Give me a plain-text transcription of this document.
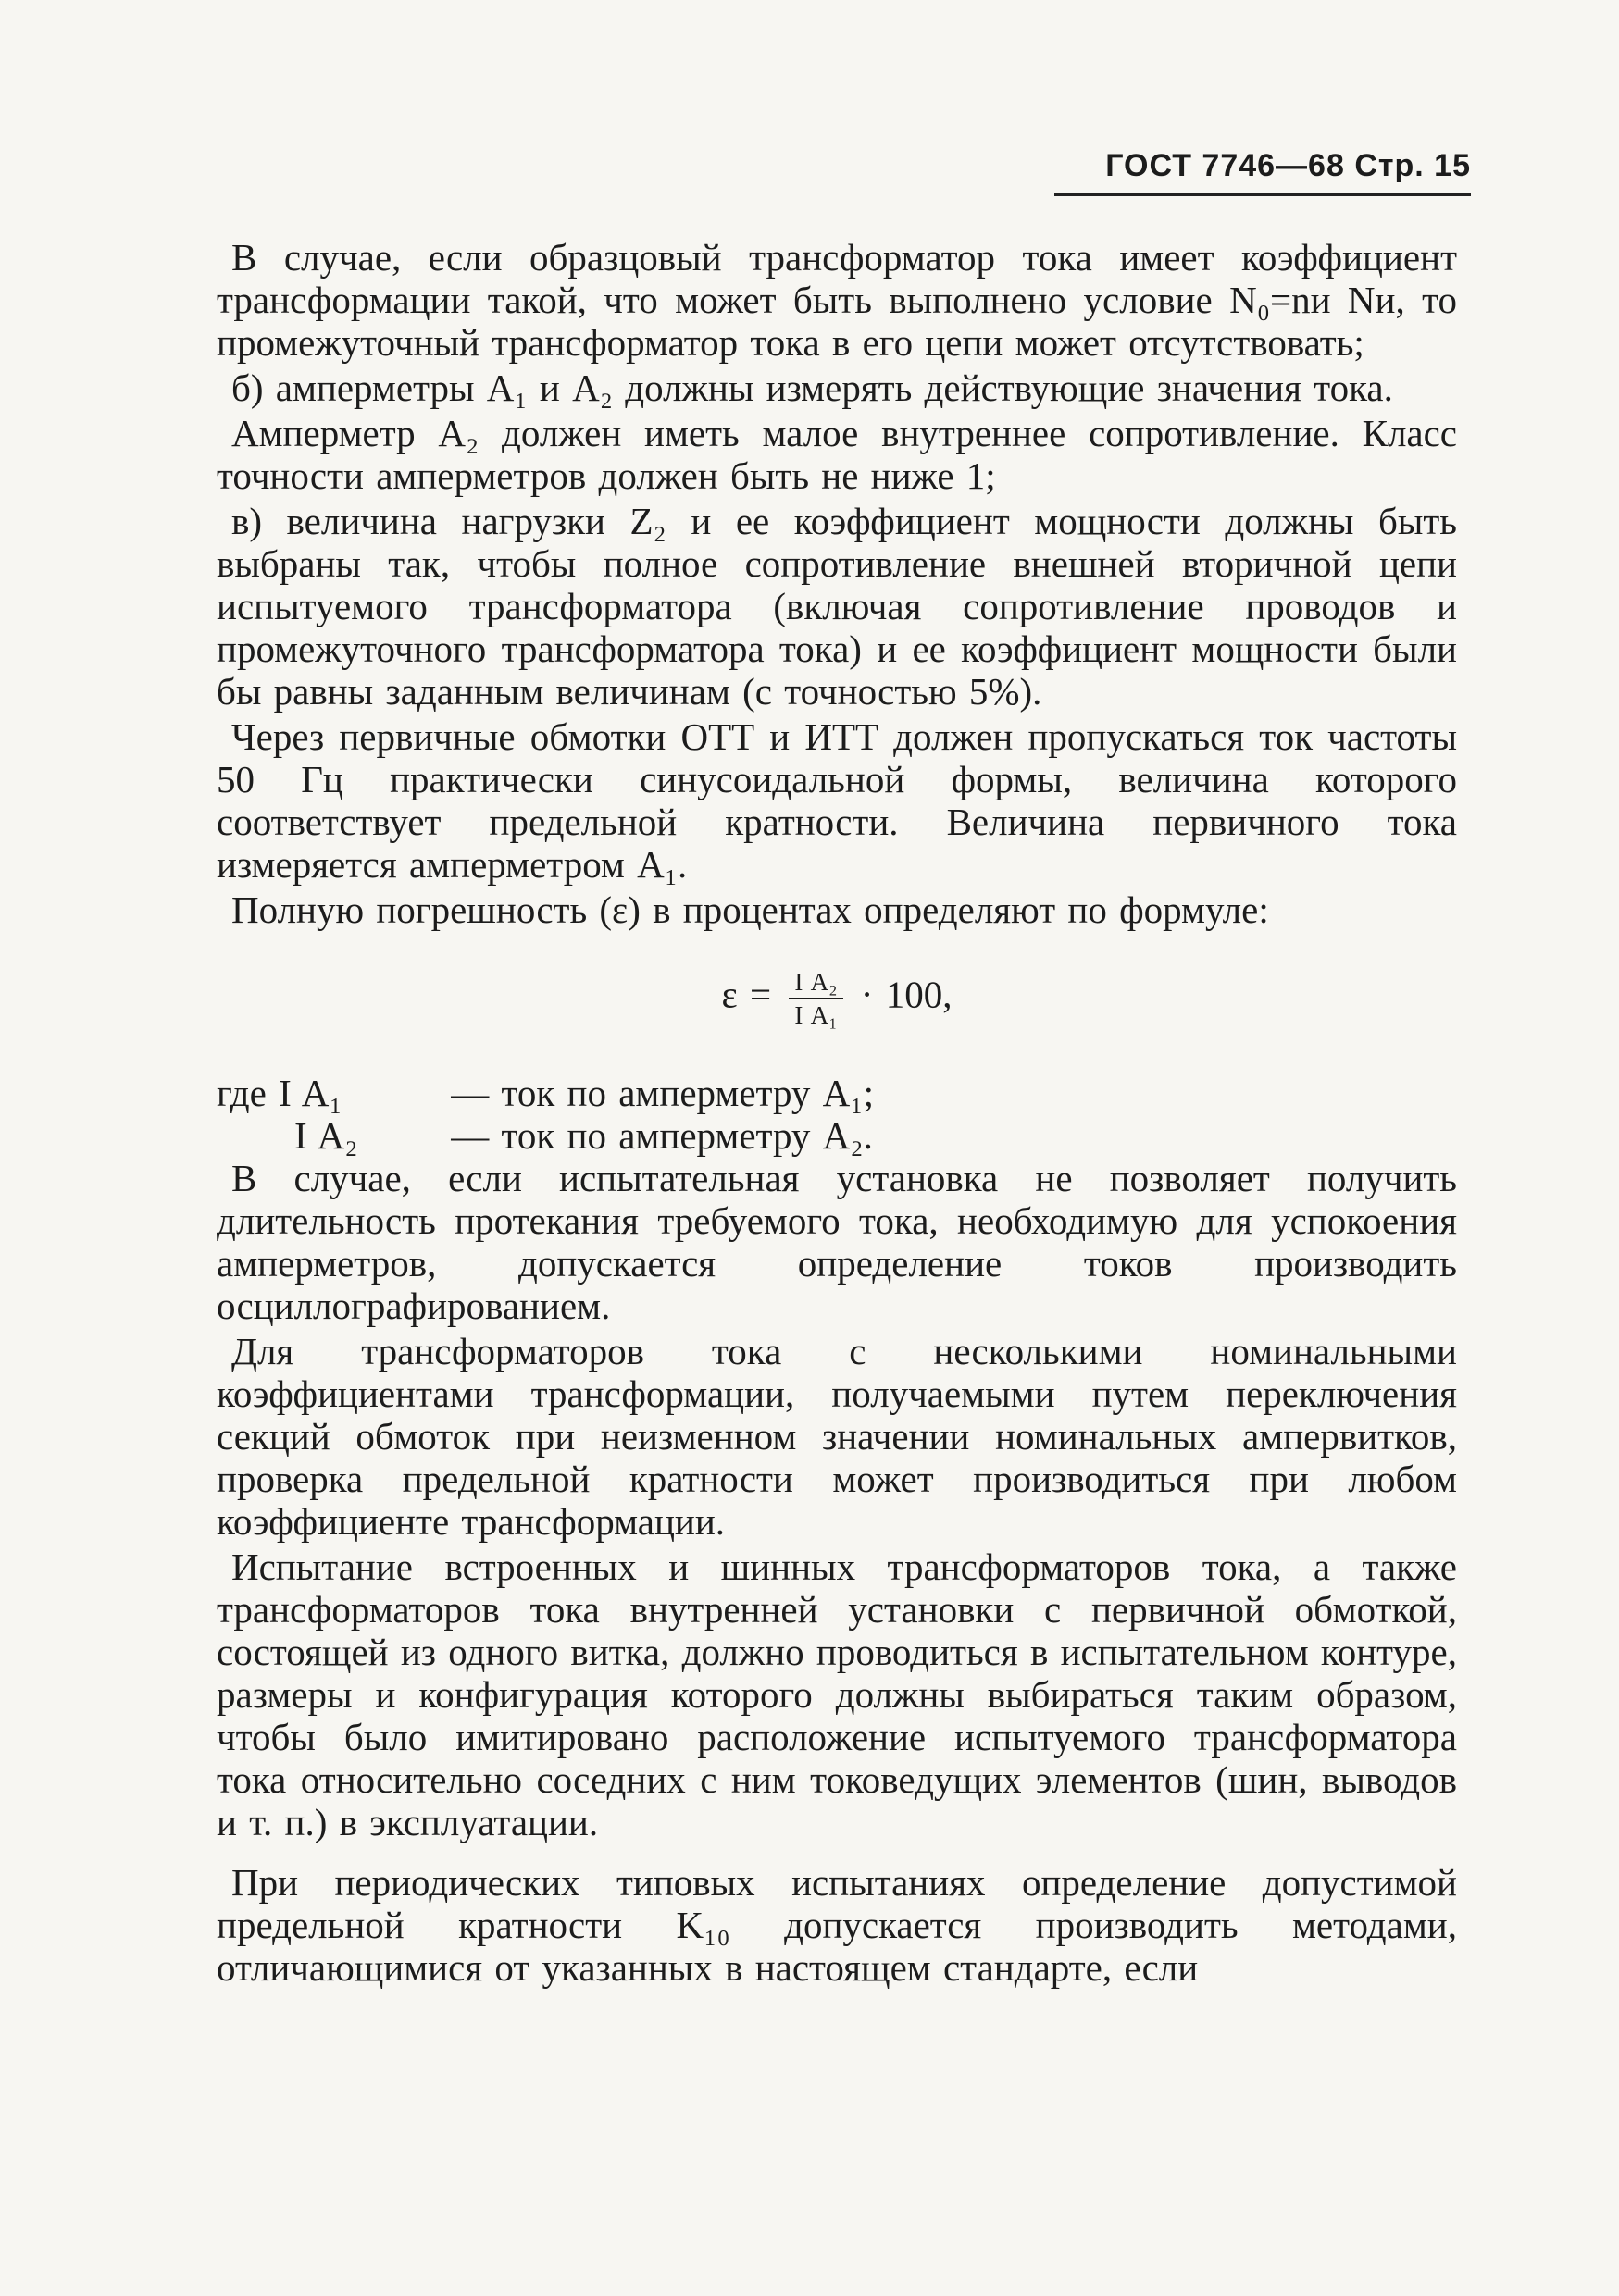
ГОСТ 7746—68 Стр. 15

В случае, если образцовый трансформатор тока имеет коэффициент трансформации такой, что может быть выполнено условие N₀=nи Nи, то промежуточный трансформатор тока в его цепи может отсутствовать;

б) амперметры A₁ и A₂ должны измерять действующие значения тока.

Амперметр A₂ должен иметь малое внутреннее сопротивление. Класс точности амперметров должен быть не ниже 1;

в) величина нагрузки Z₂ и ее коэффициент мощности должны быть выбраны так, чтобы полное сопротивление внешней вторичной цепи испытуемого трансформатора (включая сопротивление проводов и промежуточного трансформатора тока) и ее коэффициент мощности были бы равны заданным величинам (с точностью 5%).

Через первичные обмотки ОТТ и ИТТ должен пропускаться ток частоты 50 Гц практически синусоидальной формы, величина которого соответствует предельной кратности. Величина первичного тока измеряется амперметром A₁.

Полную погрешность (ε) в процентах определяют по формуле:

$\varepsilon = \frac{\text{I A₂}}{\text{I A₁}} \cdot 100$,
где I A₁	— ток по амперметру A₁;
I A₂ — ток по амперметру A₂.

В случае, если испытательная установка не позволяет получить длительность протекания требуемого тока, необходимую для успокоения амперметров, допускается определение токов производить осциллографированием.

Для трансформаторов тока с несколькими номинальными коэффициентами трансформации, получаемыми путем переключения секций обмоток при неизменном значении номинальных ампервитков, проверка предельной кратности может производиться при любом коэффициенте трансформации.

Испытание встроенных и шинных трансформаторов тока, а также трансформаторов тока внутренней установки с первичной обмоткой, состоящей из одного витка, должно проводиться в испытательном контуре, размеры и конфигурация которого должны выбираться таким образом, чтобы было имитировано расположение испытуемого трансформатора тока относительно соседних с ним токоведущих элементов (шин, выводов и т. п.) в эксплуатации.

При периодических типовых испытаниях определение допустимой предельной кратности K₁₀ допускается производить методами, отличающимися от указанных в настоящем стандарте, если
